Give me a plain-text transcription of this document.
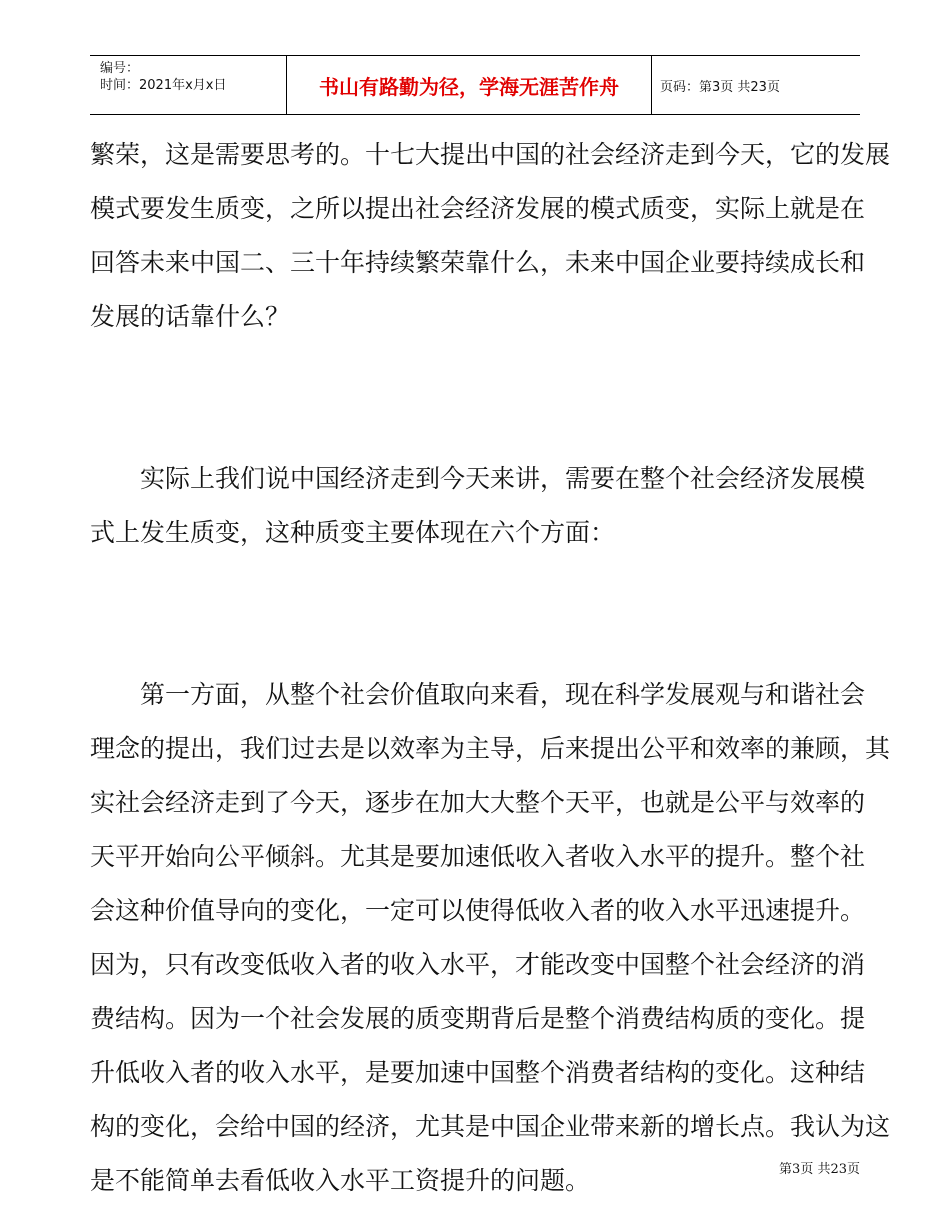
编号：
时间：2021年x月x日	书山有路勤为径，学海无涯苦作舟	页码：第3页 共23页
繁荣，这是需要思考的。十七大提出中国的社会经济走到今天，它的发展
模式要发生质变，之所以提出社会经济发展的模式质变，实际上就是在
回答未来中国二、三十年持续繁荣靠什么，未来中国企业要持续成长和
发展的话靠什么？
实际上我们说中国经济走到今天来讲，需要在整个社会经济发展模
式上发生质变，这种质变主要体现在六个方面：
第一方面，从整个社会价值取向来看，现在科学发展观与和谐社会
理念的提出，我们过去是以效率为主导，后来提出公平和效率的兼顾，其
实社会经济走到了今天，逐步在加大大整个天平，也就是公平与效率的
天平开始向公平倾斜。尤其是要加速低收入者收入水平的提升。整个社
会这种价值导向的变化，一定可以使得低收入者的收入水平迅速提升。
因为，只有改变低收入者的收入水平，才能改变中国整个社会经济的消
费结构。因为一个社会发展的质变期背后是整个消费结构质的变化。提
升低收入者的收入水平，是要加速中国整个消费者结构的变化。这种结
构的变化，会给中国的经济，尤其是中国企业带来新的增长点。我认为这
是不能简单去看低收入水平工资提升的问题。	第3页 共23页
